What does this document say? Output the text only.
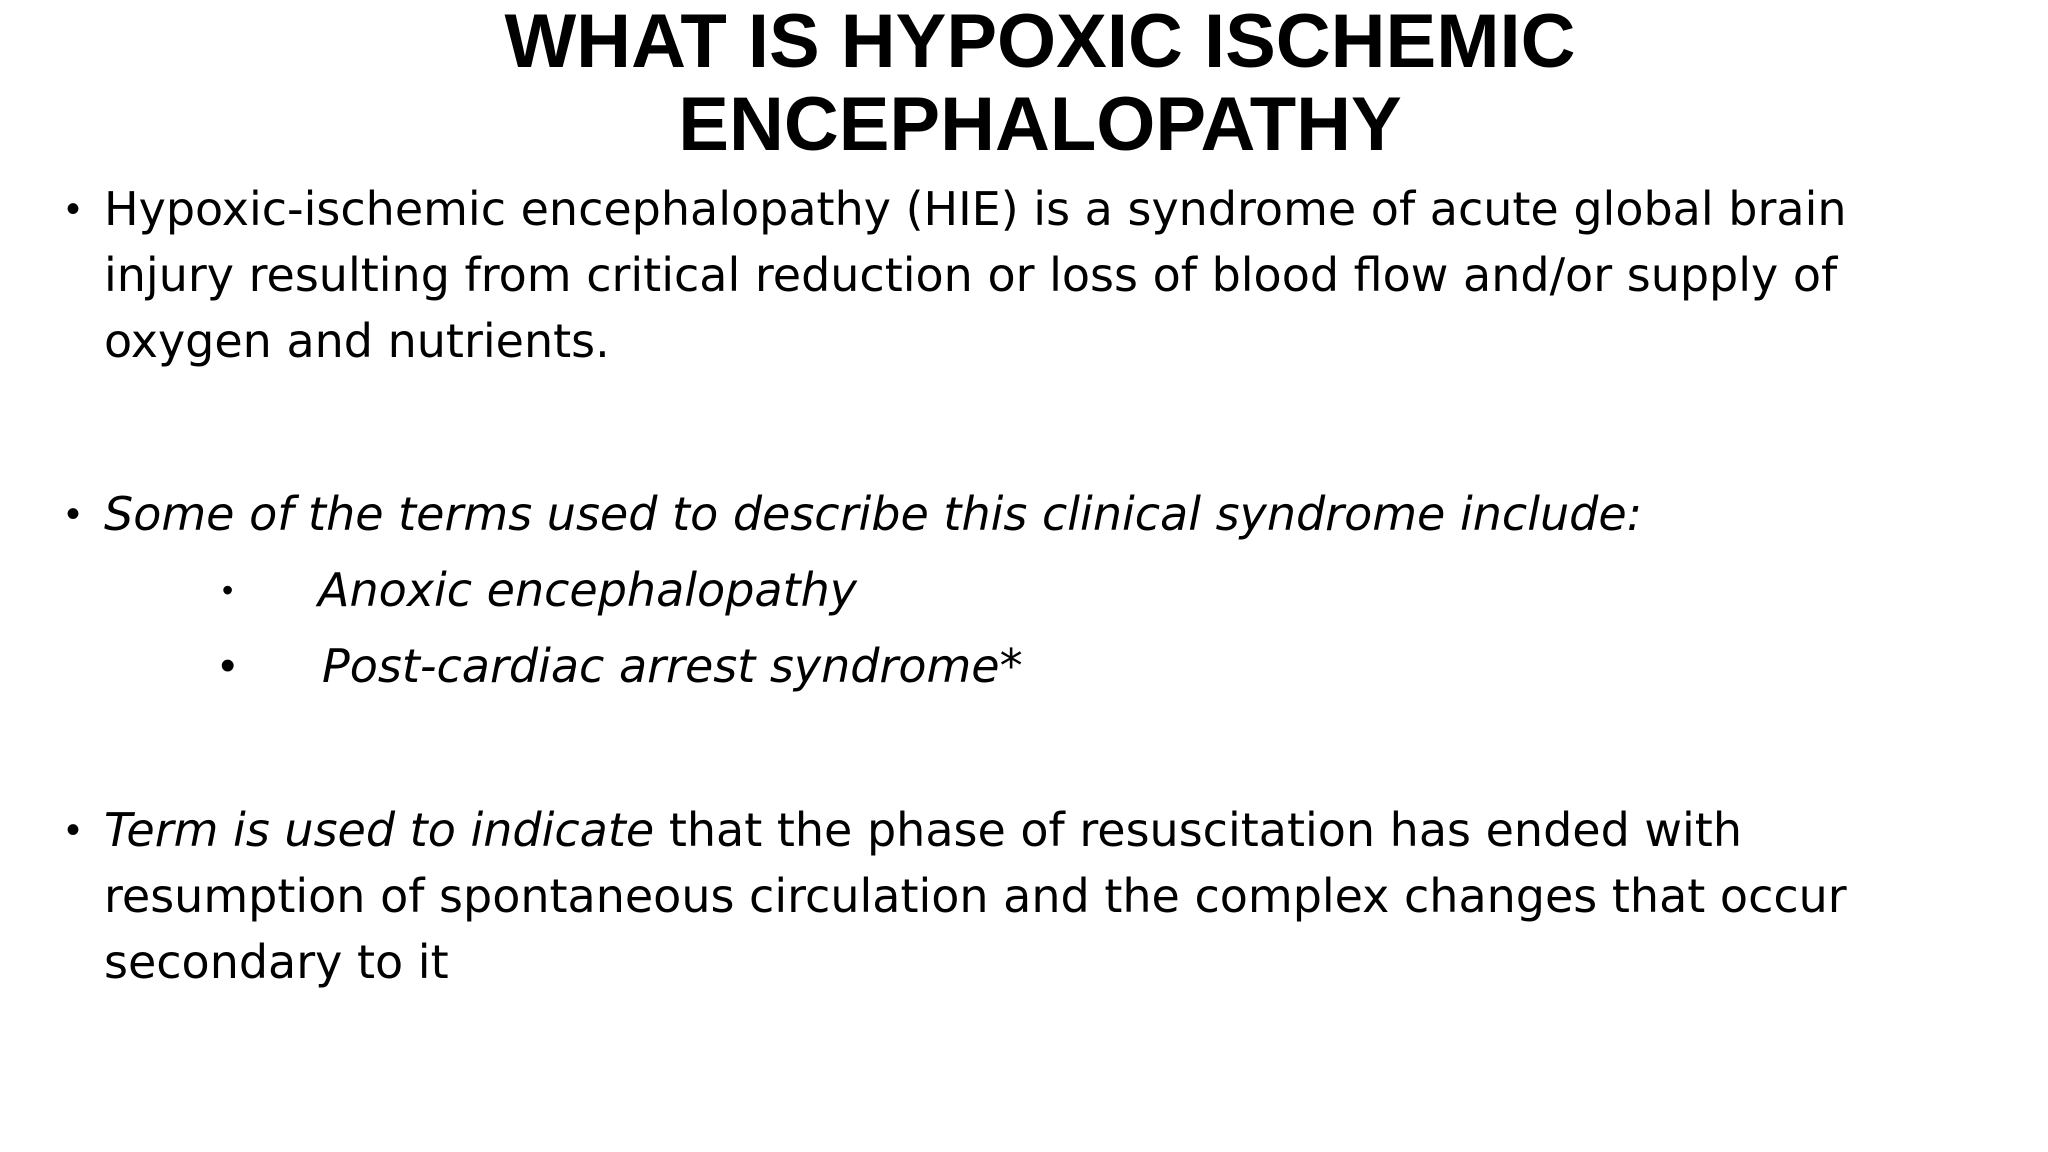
WHAT IS HYPOXIC ISCHEMIC
ENCEPHALOPATHY
• Hypoxic-ischemic encephalopathy (HIE) is a syndrome of acute global brain
injury resulting from critical reduction or loss of blood flow and/or supply of
oxygen and nutrients.
• Some of the terms used to describe this clinical syndrome include:
• Anoxic encephalopathy
• Post-cardiac arrest syndrome*
• Term is used to indicate that the phase of resuscitation has ended with
resumption of spontaneous circulation and the complex changes that occur
secondary to it
